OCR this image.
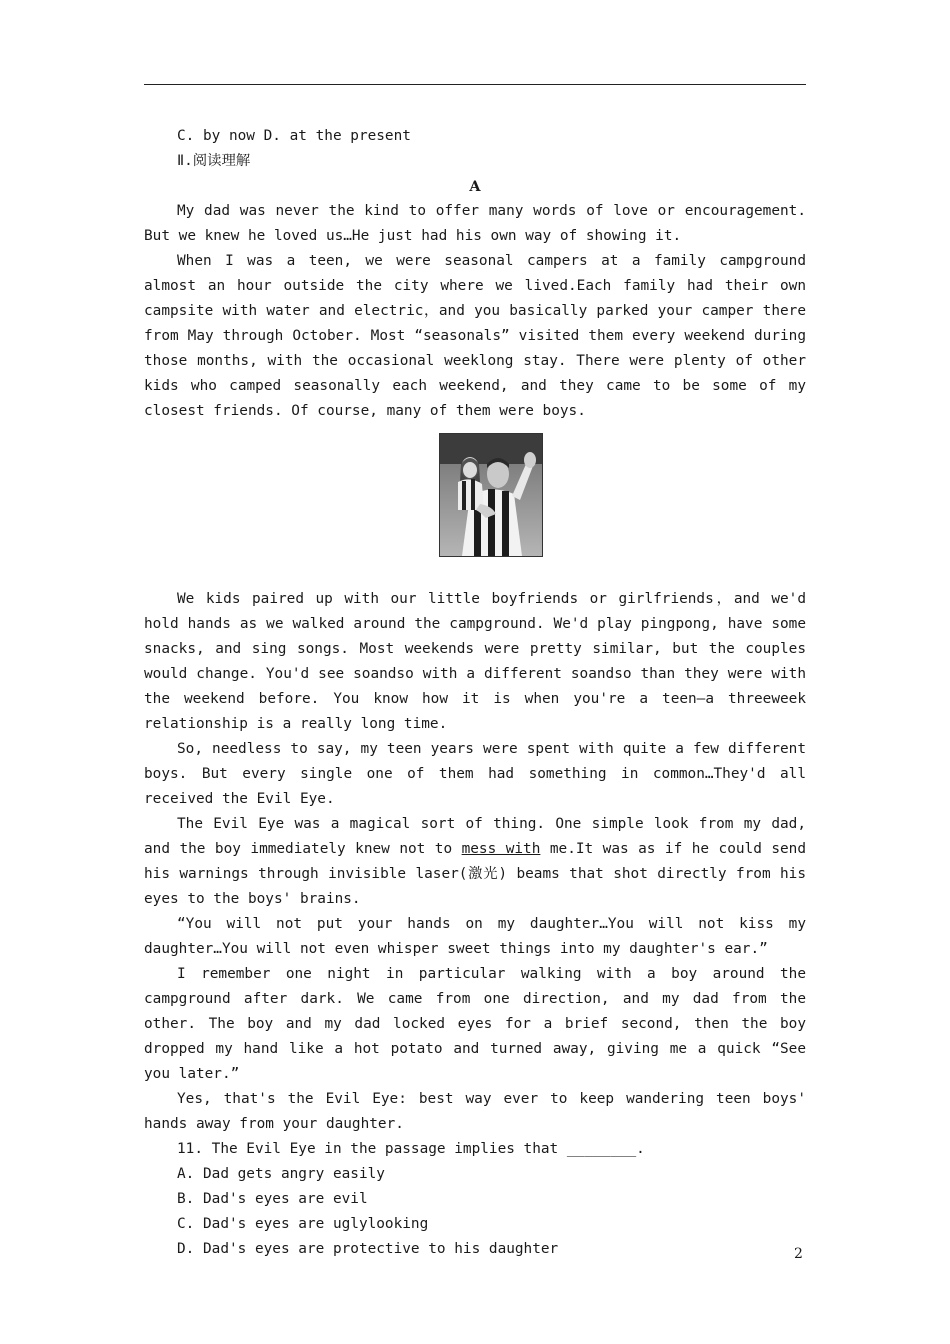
C. by now D. at the present

Ⅱ.阅读理解

A

My dad was never the kind to offer many words of love or encouragement. But we knew he loved us…He just had his own way of showing it.

When I was a teen, we were seasonal campers at a family campground almost an hour outside the city where we lived.Each family had their own campsite with water and electric，and you basically parked your camper there from May through October. Most “seasonals” visited them every weekend during those months, with the occasional weeklong stay. There were plenty of other kids who camped seasonally each weekend, and they came to be some of my closest friends. Of course, many of them were boys.

We kids paired up with our little boyfriends or girlfriends，and we'd hold hands as we walked around the campground. We'd play pingpong, have some snacks, and sing songs. Most weekends were pretty similar, but the couples would change. You'd see soandso with a different soandso than they were with the weekend before. You know how it is when you're a teen—a threeweek relationship is a really long time.

So, needless to say, my teen years were spent with quite a few different boys. But every single one of them had something in common…They'd all received the Evil Eye.

The Evil Eye was a magical sort of thing. One simple look from my dad, and the boy immediately knew not to mess with me.It was as if he could send his warnings through invisible laser(激光) beams that shot directly from his eyes to the boys' brains.

“You will not put your hands on my daughter…You will not kiss my daughter…You will not even whisper sweet things into my daughter's ear.”

I remember one night in particular walking with a boy around the campground after dark. We came from one direction, and my dad from the other. The boy and my dad locked eyes for a brief second, then the boy dropped my hand like a hot potato and turned away, giving me a quick “See you later.”

Yes, that's the Evil Eye: best way ever to keep wandering teen boys' hands away from your daughter.

11. The Evil Eye in the passage implies that ________.

A. Dad gets angry easily

B. Dad's eyes are evil

C. Dad's eyes are uglylooking

D. Dad's eyes are protective to his daughter	2
